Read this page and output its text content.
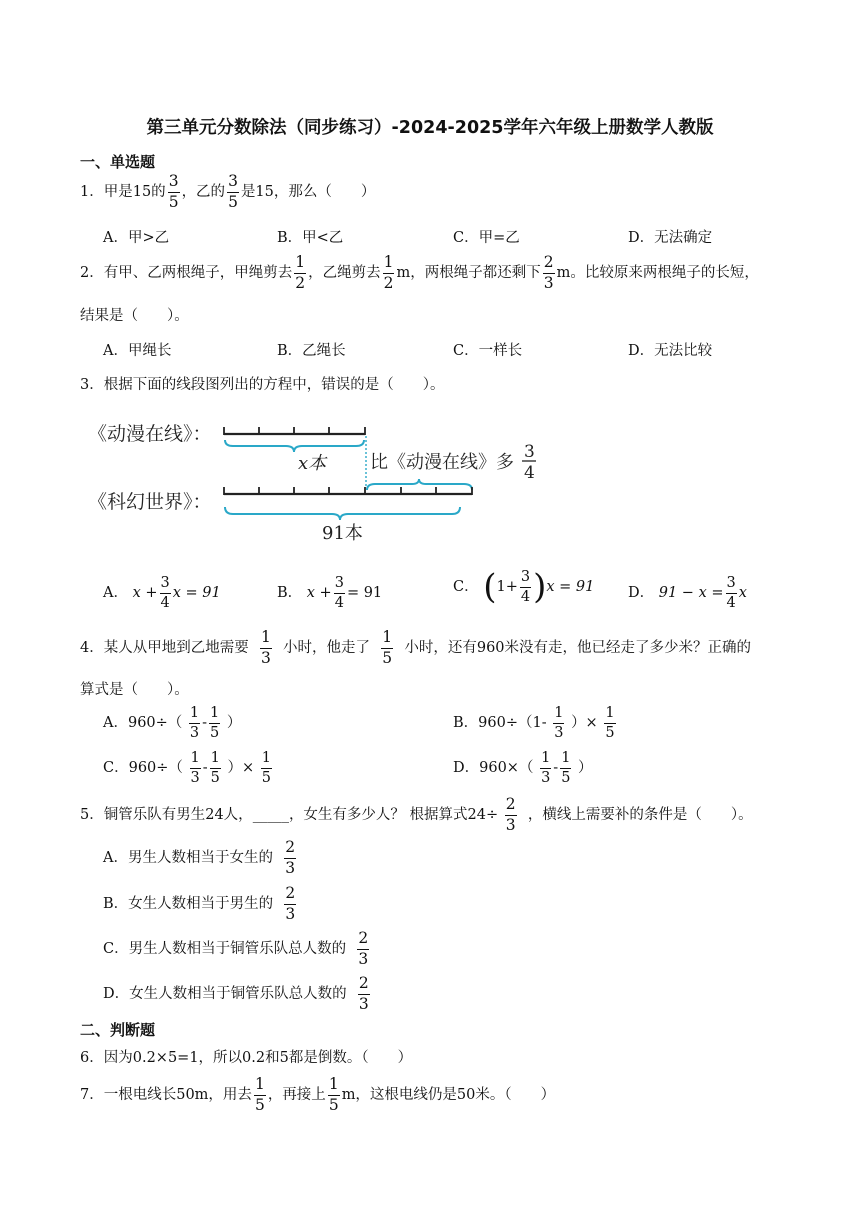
第三单元分数除法（同步练习）-2024-2025学年六年级上册数学人教版
一、单选题
1．甲是15的 $\frac{3}{5}$ ，乙的 $\frac{3}{5}$ 是15，那么（　　）
A．甲>乙	B．甲<乙	C．甲=乙	D．无法确定
2．有甲、乙两根绳子，甲绳剪去 $\frac{1}{2}$ ，乙绳剪去 $\frac{1}{2}$ m，两根绳子都还剩下 $\frac{2}{3}$ m。比较原来两根绳子的长短，
结果是（　　）。
A．甲绳长	B．乙绳长	C．一样长	D．无法比较
3．根据下面的线段图列出的方程中，错误的是（　　）。
《动漫在线》：
x本 比《动漫在线》多 3
4
《科幻世界》：
91本
A． $x + \frac{3}{4}$ x = 91	B． $x + \frac{3}{4} = 91$	C． $(1+ \frac{3}{4} )x = 91$ D． $91 - x = \frac{3}{4}$ x
4．某人从甲地到乙地需要 $\frac{1}{3}$ 小时，他走了 $\frac{1}{5}$ 小时，还有960米没有走，他已经走了多少米？正确的
算式是（　　）。
A．$960\div( \frac{1}{3} - \frac{1}{5}$ ）	B．$960\div(1- \frac{1}{3}$ ）× $\frac{1}{5}$
C．$960\div( \frac{1}{3} - \frac{1}{5}$ ）× $\frac{1}{5}$	D．$960\times( \frac{1}{3} - \frac{1}{5}$ ）
5．铜管乐队有男生24人，_____，女生有多少人？ 根据算式$24\div \frac{2}{3}$ ，横线上需要补的条件是（　　）。
A．男生人数相当于女生的 $\frac{2}{3}$
B．女生人数相当于男生的 $\frac{2}{3}$
C．男生人数相当于铜管乐队总人数的 $\frac{2}{3}$
D．女生人数相当于铜管乐队总人数的 $\frac{2}{3}$
二、判断题
6．因为0.2×5=1，所以0.2和5都是倒数。（　　）
7．一根电线长50m，用去 $\frac{1}{5}$ ，再接上 $\frac{1}{5}$ m，这根电线仍是50米。（　　）
